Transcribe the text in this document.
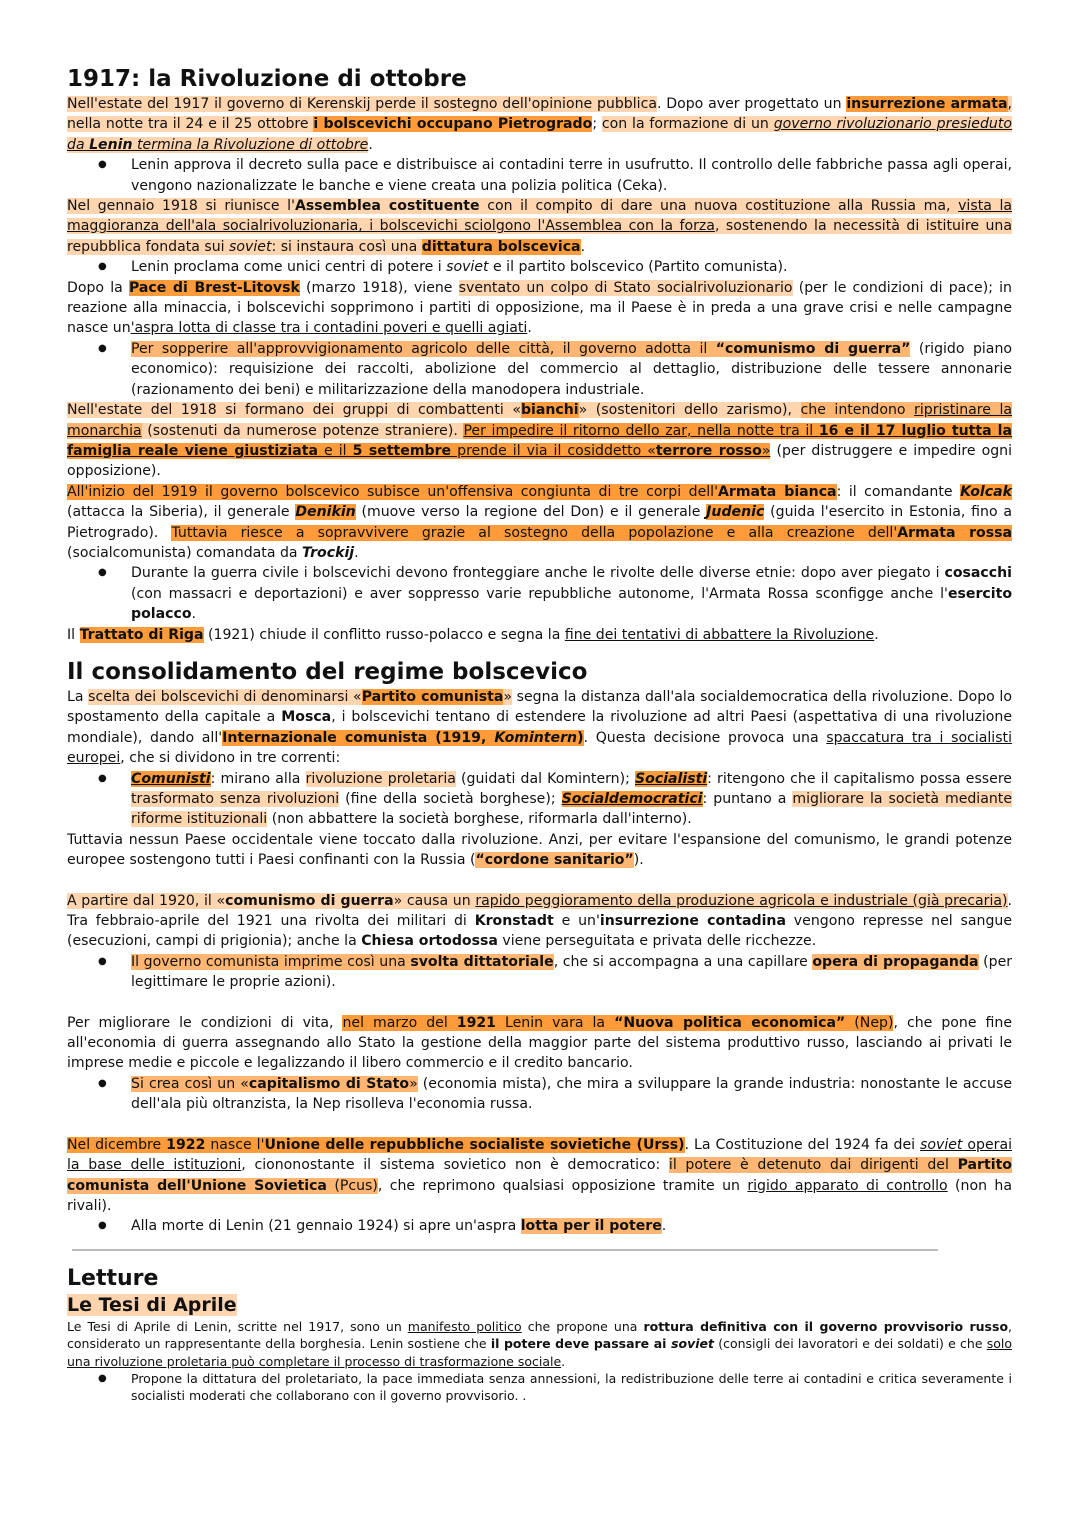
1917: la Rivoluzione di ottobre

Nell'estate del 1917 il governo di Kerenskij perde il sostegno dell'opinione pubblica. Dopo aver progettato un insurrezione armata, nella notte tra il 24 e il 25 ottobre i bolscevichi occupano Pietrogrado; con la formazione di un governo rivoluzionario presieduto da Lenin termina la Rivoluzione di ottobre.

● Lenin approva il decreto sulla pace e distribuisce ai contadini terre in usufrutto. Il controllo delle fabbriche passa agli operai, vengono nazionalizzate le banche e viene creata una polizia politica (Ceka).

Nel gennaio 1918 si riunisce l'Assemblea costituente con il compito di dare una nuova costituzione alla Russia ma, vista la maggioranza dell'ala socialrivoluzionaria, i bolscevichi sciolgono l'Assemblea con la forza, sostenendo la necessità di istituire una repubblica fondata sui soviet: si instaura così una dittatura bolscevica.

● Lenin proclama come unici centri di potere i soviet e il partito bolscevico (Partito comunista).

Dopo la Pace di Brest-Litovsk (marzo 1918), viene sventato un colpo di Stato socialrivoluzionario (per le condizioni di pace); in reazione alla minaccia, i bolscevichi sopprimono i partiti di opposizione, ma il Paese è in preda a una grave crisi e nelle campagne nasce un'aspra lotta di classe tra i contadini poveri e quelli agiati.

● Per sopperire all'approvvigionamento agricolo delle città, il governo adotta il “comunismo di guerra” (rigido piano economico): requisizione dei raccolti, abolizione del commercio al dettaglio, distribuzione delle tessere annonarie (razionamento dei beni) e militarizzazione della manodopera industriale.

Nell'estate del 1918 si formano dei gruppi di combattenti «bianchi» (sostenitori dello zarismo), che intendono ripristinare la monarchia (sostenuti da numerose potenze straniere). Per impedire il ritorno dello zar, nella notte tra il 16 e il 17 luglio tutta la famiglia reale viene giustiziata e il 5 settembre prende il via il cosiddetto «terrore rosso» (per distruggere e impedire ogni opposizione).

All'inizio del 1919 il governo bolscevico subisce un'offensiva congiunta di tre corpi dell'Armata bianca: il comandante Kolcak (attacca la Siberia), il generale Denikin (muove verso la regione del Don) e il generale Judenic (guida l'esercito in Estonia, fino a Pietrogrado). Tuttavia riesce a sopravvivere grazie al sostegno della popolazione e alla creazione dell'Armata rossa (socialcomunista) comandata da Trockij.

● Durante la guerra civile i bolscevichi devono fronteggiare anche le rivolte delle diverse etnie: dopo aver piegato i cosacchi (con massacri e deportazioni) e aver soppresso varie repubbliche autonome, l'Armata Rossa sconfigge anche l'esercito polacco.

Il Trattato di Riga (1921) chiude il conflitto russo-polacco e segna la fine dei tentativi di abbattere la Rivoluzione.

Il consolidamento del regime bolscevico

La scelta dei bolscevichi di denominarsi «Partito comunista» segna la distanza dall'ala socialdemocratica della rivoluzione. Dopo lo spostamento della capitale a Mosca, i bolscevichi tentano di estendere la rivoluzione ad altri Paesi (aspettativa di una rivoluzione mondiale), dando all'Internazionale comunista (1919, Komintern). Questa decisione provoca una spaccatura tra i socialisti europei, che si dividono in tre correnti:

● Comunisti: mirano alla rivoluzione proletaria (guidati dal Komintern); Socialisti: ritengono che il capitalismo possa essere trasformato senza rivoluzioni (fine della società borghese); Socialdemocratici: puntano a migliorare la società mediante riforme istituzionali (non abbattere la società borghese, riformarla dall'interno).

Tuttavia nessun Paese occidentale viene toccato dalla rivoluzione. Anzi, per evitare l'espansione del comunismo, le grandi potenze europee sostengono tutti i Paesi confinanti con la Russia (“cordone sanitario”).

A partire dal 1920, il «comunismo di guerra» causa un rapido peggioramento della produzione agricola e industriale (già precaria). Tra febbraio-aprile del 1921 una rivolta dei militari di Kronstadt e un'insurrezione contadina vengono represse nel sangue (esecuzioni, campi di prigionia); anche la Chiesa ortodossa viene perseguitata e privata delle ricchezze.

● Il governo comunista imprime così una svolta dittatoriale, che si accompagna a una capillare opera di propaganda (per legittimare le proprie azioni).

Per migliorare le condizioni di vita, nel marzo del 1921 Lenin vara la “Nuova politica economica” (Nep), che pone fine all'economia di guerra assegnando allo Stato la gestione della maggior parte del sistema produttivo russo, lasciando ai privati le imprese medie e piccole e legalizzando il libero commercio e il credito bancario.

● Si crea così un «capitalismo di Stato» (economia mista), che mira a sviluppare la grande industria: nonostante le accuse dell'ala più oltranzista, la Nep risolleva l'economia russa.

Nel dicembre 1922 nasce l'Unione delle repubbliche socialiste sovietiche (Urss). La Costituzione del 1924 fa dei soviet operai la base delle istituzioni, ciononostante il sistema sovietico non è democratico: il potere è detenuto dai dirigenti del Partito comunista dell'Unione Sovietica (Pcus), che reprimono qualsiasi opposizione tramite un rigido apparato di controllo (non ha rivali).

● Alla morte di Lenin (21 gennaio 1924) si apre un'aspra lotta per il potere.
Letture
Le Tesi di Aprile

Le Tesi di Aprile di Lenin, scritte nel 1917, sono un manifesto politico che propone una rottura definitiva con il governo provvisorio russo, considerato un rappresentante della borghesia. Lenin sostiene che il potere deve passare ai soviet (consigli dei lavoratori e dei soldati) e che solo una rivoluzione proletaria può completare il processo di trasformazione sociale.

● Propone la dittatura del proletariato, la pace immediata senza annessioni, la redistribuzione delle terre ai contadini e critica severamente i socialisti moderati che collaborano con il governo provvisorio. .
